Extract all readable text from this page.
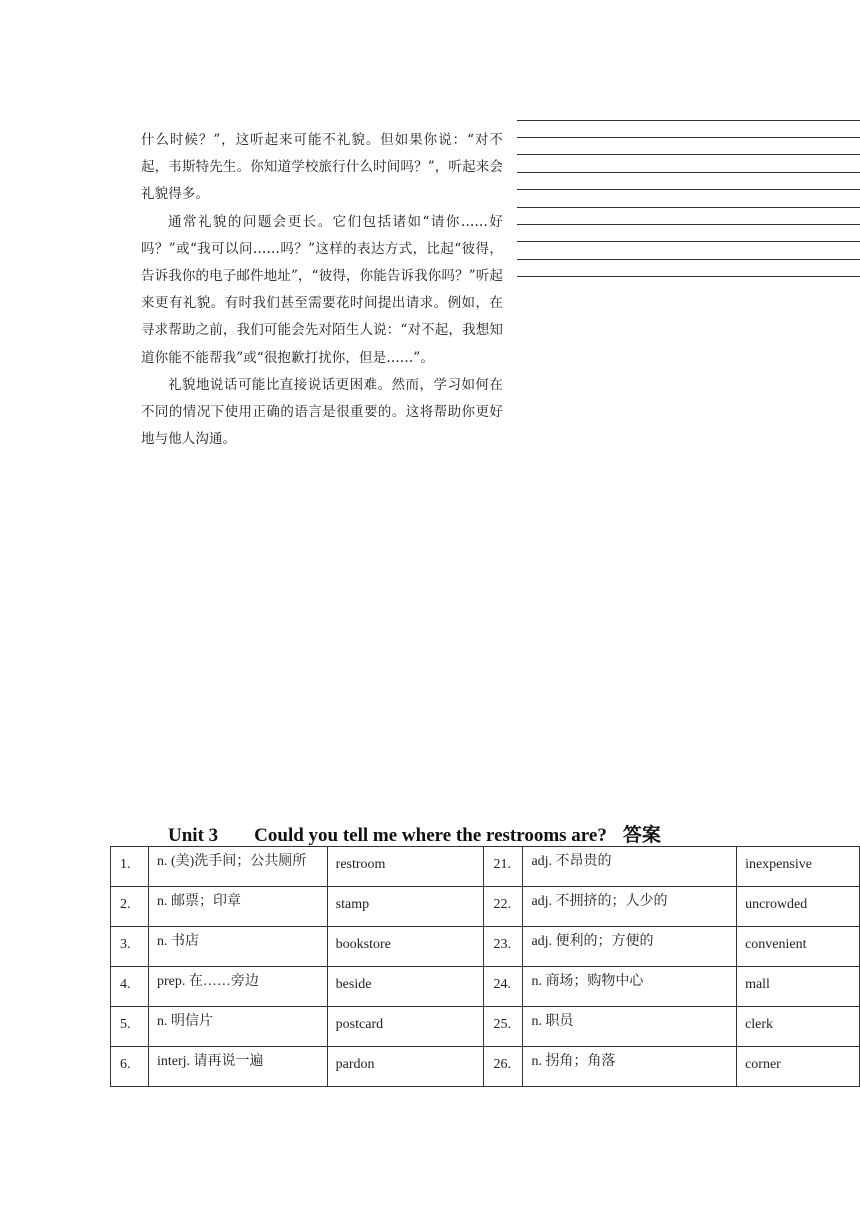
什么时候？”，这听起来可能不礼貌。但如果你说：“对不起，韦斯特先生。你知道学校旅行什么时间吗？”，听起来会礼貌得多。

通常礼貌的问题会更长。它们包括诸如“请你……好吗？”或“我可以问……吗？”这样的表达方式，比起“彼得，告诉我你的电子邮件地址”，“彼得，你能告诉我你吗？”听起来更有礼貌。有时我们甚至需要花时间提出请求。例如，在寻求帮助之前，我们可能会先对陌生人说：“对不起，我想知道你能不能帮我”或“很抱歉打扰你，但是……”。

礼貌地说话可能比直接说话更困难。然而，学习如何在不同的情况下使用正确的语言是很重要的。这将帮助你更好地与他人沟通。

Unit 3 Could you tell me where the restrooms are? 答案
1.	n. (美)洗手间；公共厕所	restroom	21.	adj. 不昂贵的	inexpensive

2.	n. 邮票；印章	stamp	22.	adj. 不拥挤的；人少的	uncrowded

3.	n. 书店	bookstore	23.	adj. 便利的；方便的	convenient

4.	prep. 在……旁边	beside	24.	n. 商场；购物中心	mall

5.	n. 明信片	postcard	25.	n. 职员	clerk

6.	interj. 请再说一遍	pardon	26.	n. 拐角；角落	corner
